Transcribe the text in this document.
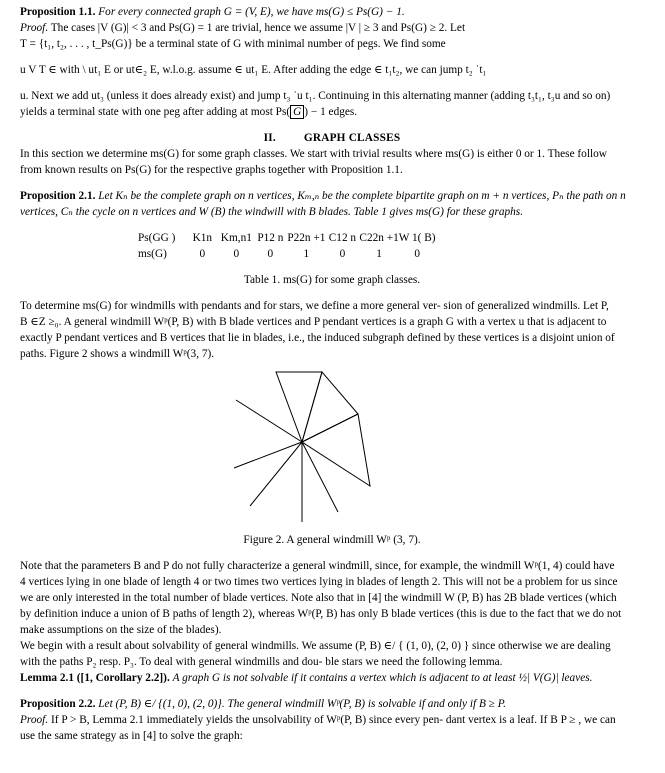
Proposition 1.1. For every connected graph G = (V, E), we have ms(G) ≤ Ps(G) − 1.

Proof. The cases |V (G)| < 3 and Ps(G) = 1 are trivial, hence we assume |V | ≥ 3 and Ps(G) ≥ 2. Let

T = {t₁, t₂, . . . , t_Ps(G)} be a terminal state of G with minimal number of pegs. We find some

u V T ∈ with \ ut₁ E or ut∈₂ E, w.l.o.g. assume ∈ ut₁ E. After adding the edge ∈ t₁t₂, we can jump t₂ ˙t₁

u. Next we add ut₃ (unless it does already exist) and jump t₃ ˙u t₁. Continuing in this alternating manner (adding t₃t₁, t₃u and so on)

yields a terminal state with one peg after adding at most Ps( G ) − 1 edges.

II. GRAPH CLASSES

In this section we determine ms(G) for some graph classes. We start with trivial results where ms(G) is either 0 or 1. These follow

from known results on Ps(G) for the respective graphs together with Proposition 1.1.

Proposition 2.1. Let Kₙ be the complete graph on n vertices, Kₘ,ₙ be the complete bipartite graph on m + n vertices, Pₙ the path on n

vertices, Cₙ the cycle on n vertices and W (B) the windwill with B blades. Table 1 gives ms(G) for these graphs.

Ps(GG )	K1n	Km,n1	P12 n	P22n +1	C12 n	C22n +1	W 1( B)
ms(G)	0	0	0	1	0	1	0

Table 1. ms(G) for some graph classes.

To determine ms(G) for windmills with pendants and for stars, we define a more general ver- sion of generalized windmills. Let P,

B ∈Z ≥₀. A general windmill Wᵖ(P, B) with B blade vertices and P pendant vertices is a graph G with a vertex u that is adjacent to

exactly P pendant vertices and B vertices that lie in blades, i.e., the induced subgraph defined by these vertices is a disjoint union of

paths. Figure 2 shows a windmill Wᵖ(3, 7).

Figure 2. A general windmill Wᵖ (3, 7).

Note that the parameters B and P do not fully characterize a general windmill, since, for example, the windmill Wᵖ(1, 4) could have

4 vertices lying in one blade of length 4 or two times two vertices lying in blades of length 2. This will not be a problem for us since

we are only interested in the total number of blade vertices. Note also that in [4] the windmill W (P, B) has 2B blade vertices (which

by definition induce a union of B paths of length 2), whereas Wᵖ(P, B) has only B blade vertices (this is due to the fact that we do not

make assumptions on the size of the blades).

We begin with a result about solvability of general windmills. We assume (P, B) ∈/ { (1, 0), (2, 0) } since otherwise we are dealing

with the paths P₂ resp. P₃. To deal with general windmills and dou- ble stars we need the following lemma.

Lemma 2.1 ([1, Corollary 2.2]). A graph G is not solvable if it contains a vertex which is adjacent to at least ½| V(G)| leaves.

Proposition 2.2. Let (P, B) ∈/ {(1, 0), (2, 0)}. The general windmill Wᵖ(P, B) is solvable if and only if B ≥ P.

Proof. If P > B, Lemma 2.1 immediately yields the unsolvability of Wᵖ(P, B) since every pen- dant vertex is a leaf. If B P ≥ , we can

use the same strategy as in [4] to solve the graph:
